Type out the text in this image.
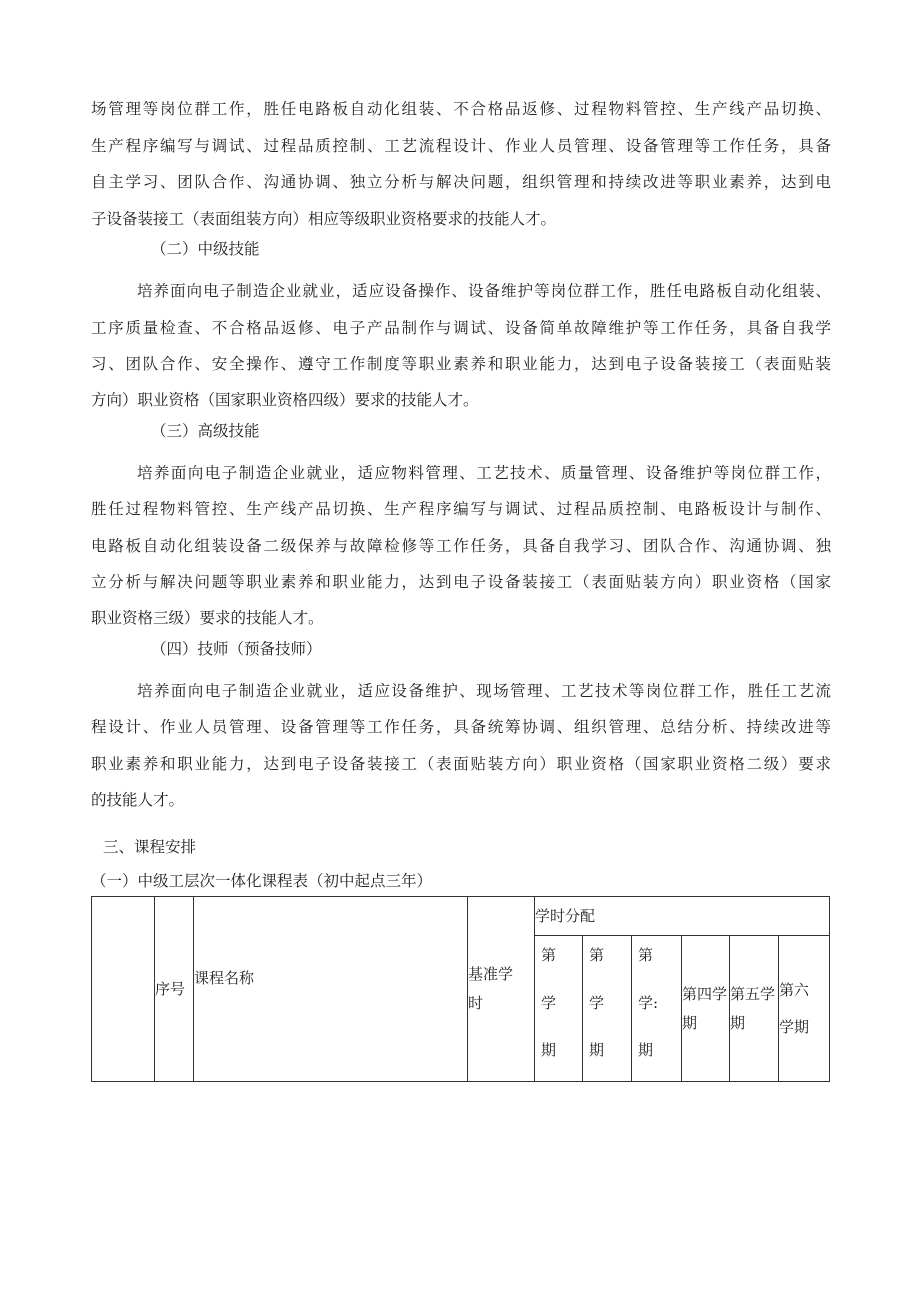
场管理等岗位群工作，胜任电路板自动化组装、不合格品返修、过程物料管控、生产线产品切换、

生产程序编写与调试、过程品质控制、工艺流程设计、作业人员管理、设备管理等工作任务，具备

自主学习、团队合作、沟通协调、独立分析与解决问题，组织管理和持续改进等职业素养，达到电

子设备装接工（表面组装方向）相应等级职业资格要求的技能人才。

（二）中级技能

培养面向电子制造企业就业，适应设备操作、设备维护等岗位群工作，胜任电路板自动化组装、

工序质量检查、不合格品返修、电子产品制作与调试、设备简单故障维护等工作任务，具备自我学

习、团队合作、安全操作、遵守工作制度等职业素养和职业能力，达到电子设备装接工（表面贴装

方向）职业资格（国家职业资格四级）要求的技能人才。

（三）高级技能

培养面向电子制造企业就业，适应物料管理、工艺技术、质量管理、设备维护等岗位群工作，

胜任过程物料管控、生产线产品切换、生产程序编写与调试、过程品质控制、电路板设计与制作、

电路板自动化组装设备二级保养与故障检修等工作任务，具备自我学习、团队合作、沟通协调、独

立分析与解决问题等职业素养和职业能力，达到电子设备装接工（表面贴装方向）职业资格（国家

职业资格三级）要求的技能人才。

（四）技师（预备技师）

培养面向电子制造企业就业，适应设备维护、现场管理、工艺技术等岗位群工作，胜任工艺流

程设计、作业人员管理、设备管理等工作任务，具备统筹协调、组织管理、总结分析、持续改进等

职业素养和职业能力，达到电子设备装接工（表面贴装方向）职业资格（国家职业资格二级）要求

的技能人才。

三、课程安排

（一）中级工层次一体化课程表（初中起点三年）

	序号	课程名称	基准学时	学时分配					

				第
学
期	第
学
期	第
学:
期	第四学期	第五学期	第六学期
